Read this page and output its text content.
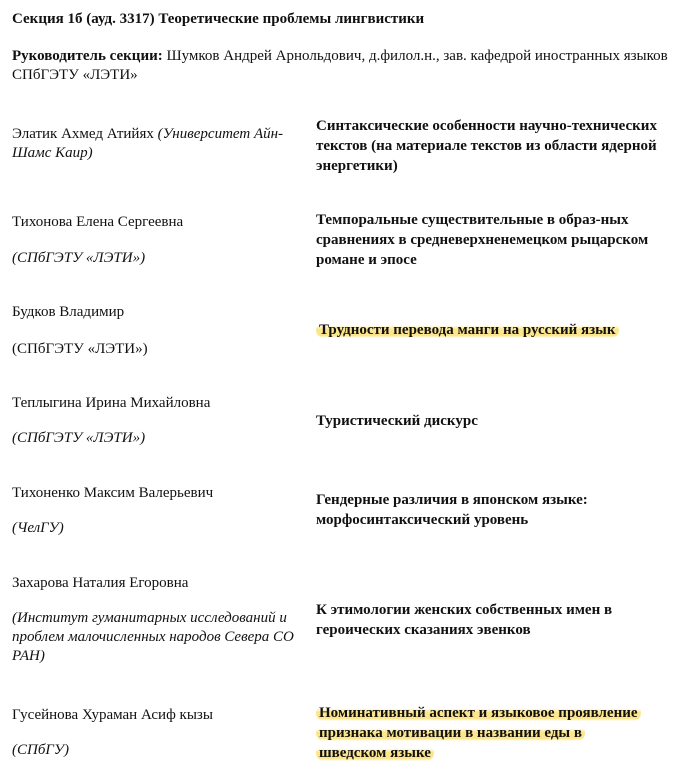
Секция 1б (ауд. 3317) Теоретические проблемы лингвистики
Руководитель секции: Шумков Андрей Арнольдович, д.филол.н., зав. кафедрой иностранных языков СПбГЭТУ «ЛЭТИ»
Элатик Ахмед Атийях (Университет Айн-Шамс Каир)
Синтаксические особенности научно-технических текстов (на материале текстов из области ядерной энергетики)
Тихонова Елена Сергеевна
(СПбГЭТУ «ЛЭТИ»)
Темпоральные существительные в образ-ных сравнениях в средневерхненемецком рыцарском романе и эпосе
Будков Владимир
(СПбГЭТУ «ЛЭТИ»)
Трудности перевода манги на русский язык
Теплыгина Ирина Михайловна
(СПбГЭТУ «ЛЭТИ»)
Туристический дискурс
Тихоненко Максим Валерьевич
(ЧелГУ)
Гендерные различия в японском языке: морфосинтаксический уровень
Захарова Наталия Егоровна
(Институт гуманитарных исследований и проблем малочисленных народов Севера СО РАН)
К этимологии женских собственных имен в героических сказаниях эвенков
Гусейнова Хураман Асиф кызы
(СПбГУ)
Номинативный аспект и языковое проявление признака мотивации в названии еды в шведском языке
